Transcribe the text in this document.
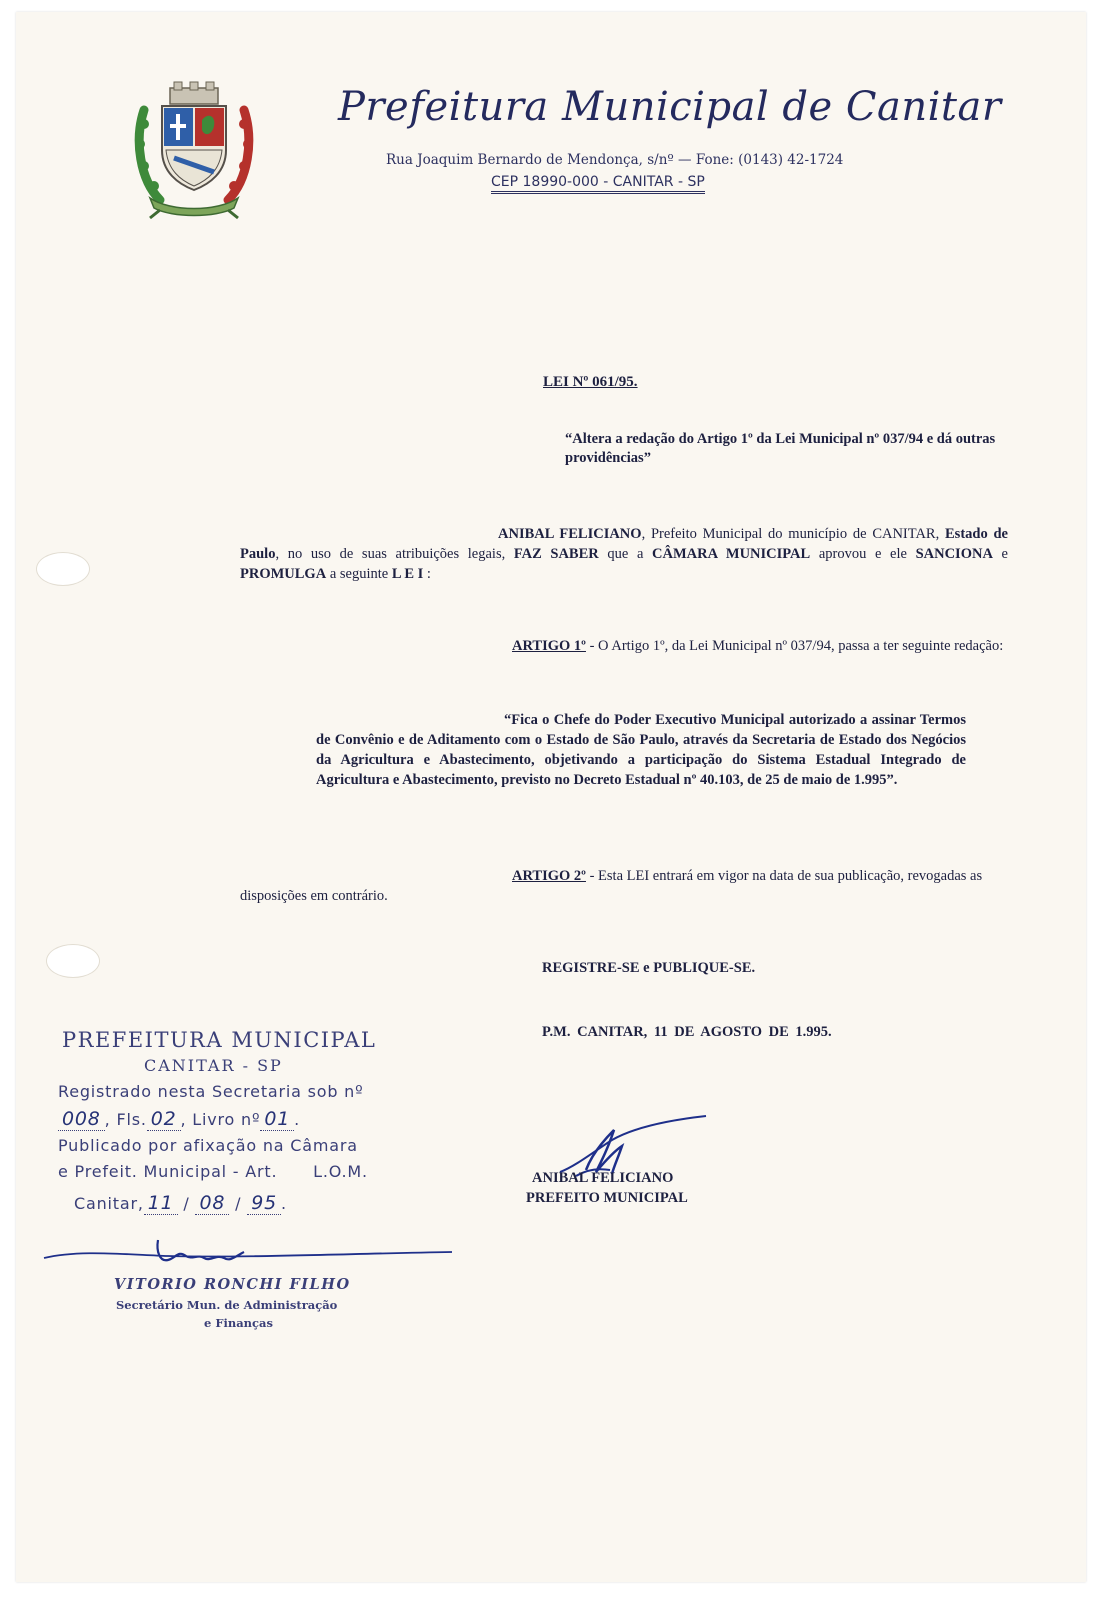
Prefeitura Municipal de Canitar
Rua Joaquim Bernardo de Mendonça, s/nº — Fone: (0143) 42-1724
CEP 18990-000 - CANITAR - SP
LEI Nº 061/95.
“Altera a redação do Artigo 1º da Lei Municipal nº 037/94 e dá outras providências”
ANIBAL FELICIANO, Prefeito Municipal do município de CANITAR, Estado de Paulo, no uso de suas atribuições legais, FAZ SABER que a CÂMARA MUNICIPAL aprovou e ele SANCIONA e PROMULGA a seguinte L E I :
ARTIGO 1º - O Artigo 1º, da Lei Municipal nº 037/94, passa a ter seguinte redação:
“Fica o Chefe do Poder Executivo Municipal autorizado a assinar Termos de Convênio e de Aditamento com o Estado de São Paulo, através da Secretaria de Estado dos Negócios da Agricultura e Abastecimento, objetivando a participação do Sistema Estadual Integrado de Agricultura e Abastecimento, previsto no Decreto Estadual nº 40.103, de 25 de maio de 1.995”.
ARTIGO 2º - Esta LEI entrará em vigor na data de sua publicação, revogadas as disposições em contrário.
REGISTRE-SE e PUBLIQUE-SE.
P.M. CANITAR, 11 DE AGOSTO DE 1.995.
ANIBAL FELICIANO
PREFEITO MUNICIPAL
PREFEITURA MUNICIPAL
CANITAR - SP
Registrado nesta Secretaria sob nº
008 , Fls. 02 , Livro nº 01 .
Publicado por afixação na Câmara
e Prefeit. Municipal - Art. L.O.M.
Canitar, 11 / 08 / 95 .
VITORIO RONCHI FILHO
Secretário Mun. de Administração
e Finanças
